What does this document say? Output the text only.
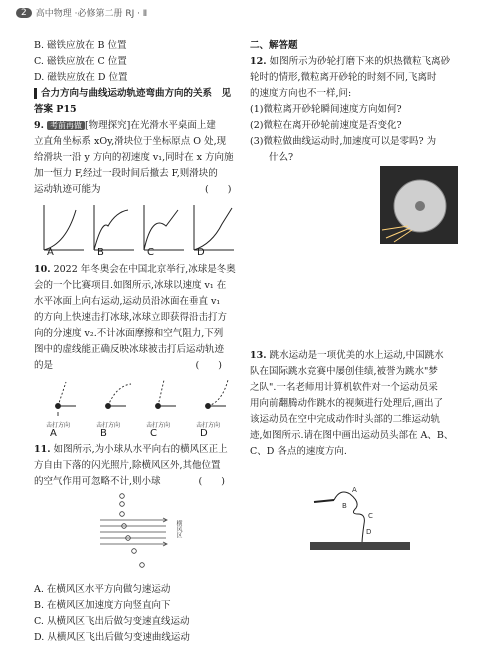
2	高中物理 ·必修第二册 RJ · Ⅱ

B. 磁铁应放在 B 位置

C. 磁铁应放在 C 位置

D. 磁铁应放在 D 位置

合力方向与曲线运动轨迹弯曲方向的关系　见

答案 P15

9. 考前再做 [物理探究]在光滑水平桌面上建

立直角坐标系 xOy,滑块位于坐标原点 O 处,现

给滑块一沿 y 方向的初速度 v₁,同时在 x 方向施

加一恒力 F,经过一段时间后撤去 F,则滑块的

运动轨迹可能为　　　　　　　　　　　(　　)

A	B	C	D

10. 2022 年冬奥会在中国北京举行,冰球是冬奥

会的一个比赛项目.如图所示,冰球以速度 v₁ 在

水平冰面上向右运动,运动员沿冰面在垂直 v₁

的方向上快速击打冰球,冰球立即获得沿击打方

向的分速度 v₂.不计冰面摩擦和空气阻力,下列

图中的虚线能正确反映冰球被击打后运动轨迹

的是　　　　　　　　　　　　　　　(　　)

击打方向	击打方向	击打方向	击打方向
A	B	C	D

11. 如图所示,为小球从水平向右的横风区正上

方自由下落的闪光照片,除横风区外,其他位置

的空气作用可忽略不计,则小球　　　　(　　)

横风区

A. 在横风区水平方向做匀速运动

B. 在横风区加速度方向竖直向下

C. 从横风区飞出后做匀变速直线运动

D. 从横风区飞出后做匀变速曲线运动

二、解答题

12. 如图所示为砂轮打磨下来的炽热微粒飞离砂

轮时的情形,微粒离开砂轮的时刻不同,飞离时

的速度方向也不一样,问:

(1)微粒离开砂轮瞬间速度方向如何?

(2)微粒在离开砂轮前速度是否变化?

(3)微粒做曲线运动时,加速度可以是零吗? 为

　　什么?

13. 跳水运动是一项优美的水上运动,中国跳水

队在国际跳水竞赛中屡创佳绩,被誉为跳水"梦

之队".一名老师用计算机软件对一个运动员采

用向前翻腾动作跳水的视频进行处理后,画出了

该运动员在空中完成动作时头部的二维运动轨

迹,如图所示.请在图中画出运动员头部在 A、B、

C、D 各点的速度方向.

A
B
C
D
